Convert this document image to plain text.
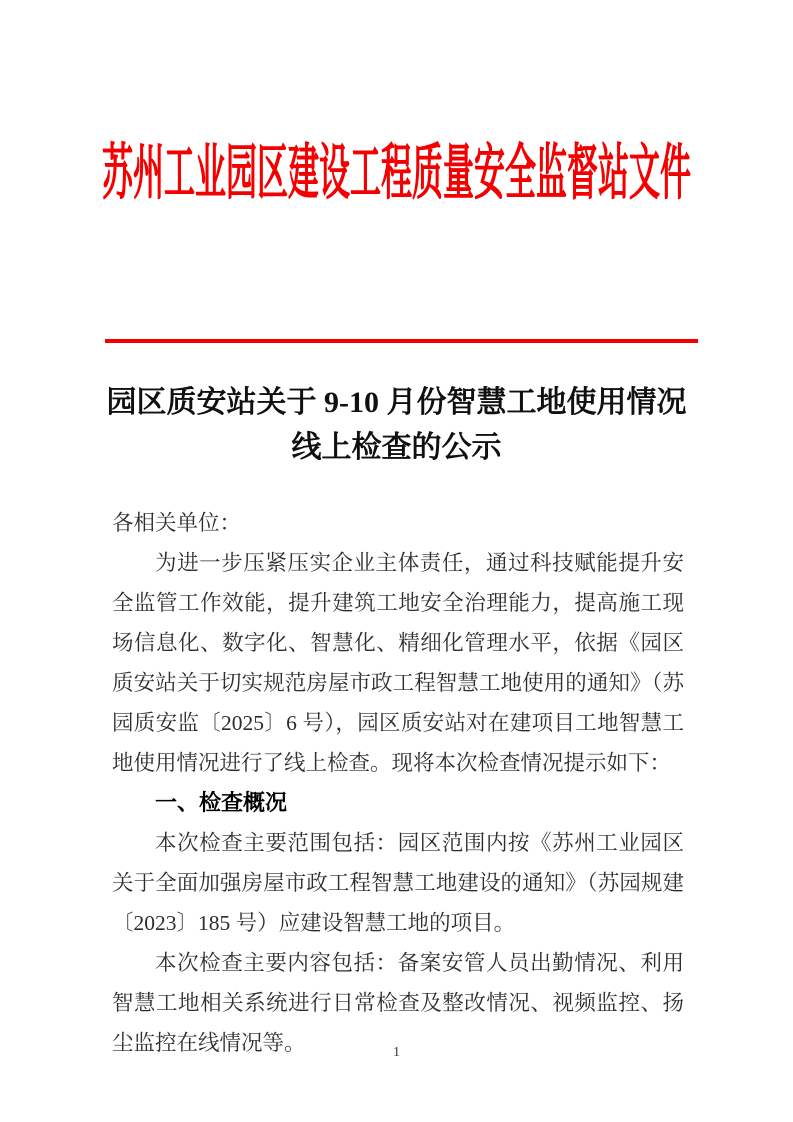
苏州工业园区建设工程质量安全监督站文件
园区质安站关于 9-10 月份智慧工地使用情况
线上检查的公示

各相关单位：

为进一步压紧压实企业主体责任，通过科技赋能提升安全监管工作效能，提升建筑工地安全治理能力，提高施工现场信息化、数字化、智慧化、精细化管理水平，依据《园区质安站关于切实规范房屋市政工程智慧工地使用的通知》（苏园质安监〔2025〕6 号），园区质安站对在建项目工地智慧工地使用情况进行了线上检查。现将本次检查情况提示如下：

一、检查概况

本次检查主要范围包括：园区范围内按《苏州工业园区关于全面加强房屋市政工程智慧工地建设的通知》（苏园规建〔2023〕185 号）应建设智慧工地的项目。

本次检查主要内容包括：备案安管人员出勤情况、利用智慧工地相关系统进行日常检查及整改情况、视频监控、扬尘监控在线情况等。	1
